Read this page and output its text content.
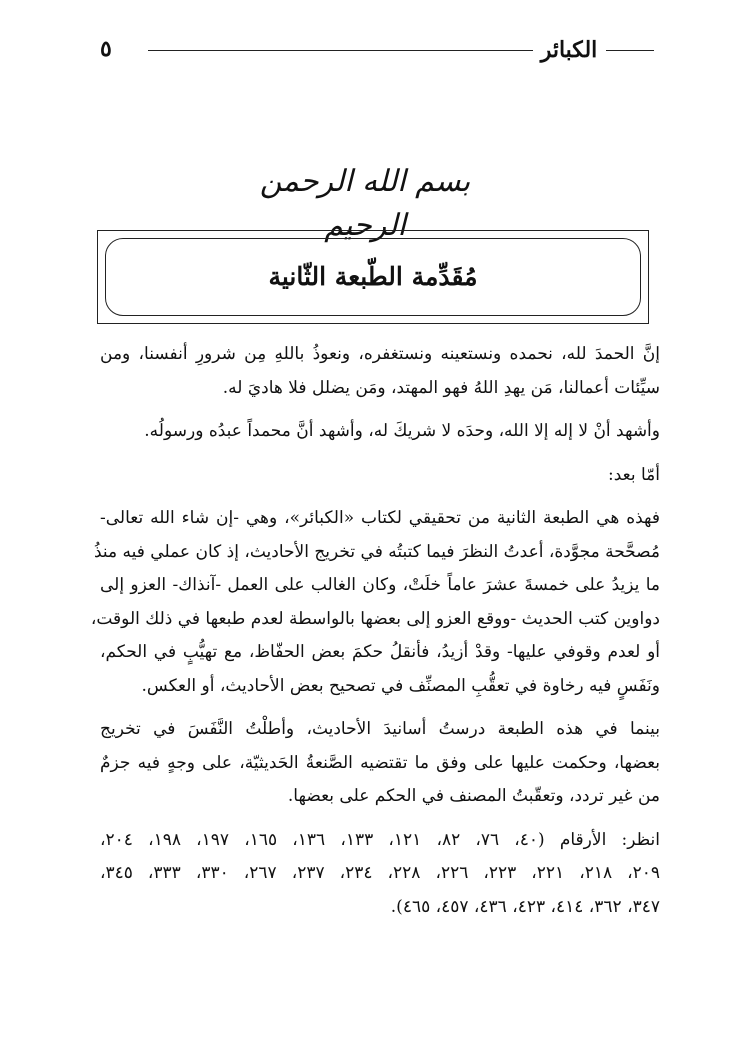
٥	الكبائر
بسم الله الرحمن الرحيم
مُقَدِّمة الطّبعة الثّانية
إنَّ الحمدَ لله، نحمده ونستعينه ونستغفره، ونعوذُ باللهِ مِن شرورِ أنفسنا، ومن
سيِّئات أعمالنا، مَن يهدِ اللهُ فهو المهتد، ومَن يضلل فلا هاديَ له.
وأشهد أنْ لا إله إلا الله، وحدَه لا شريكَ له، وأشهد أنَّ محمداً عبدُه ورسولُه.
أمّا بعد:
فهذه هي الطبعة الثانية من تحقيقي لكتاب «الكبائر»، وهي -إن شاء الله تعالى-
مُصحَّحة مجوَّدة، أعدتُ النظرَ فيما كتبتُه في تخريج الأحاديث، إذ كان عملي فيه منذُ
ما يزيدُ على خمسةَ عشرَ عاماً خلَتْ، وكان الغالب على العمل -آنذاك- العزو إلى
دواوين كتب الحديث -ووقع العزو إلى بعضها بالواسطة لعدم طبعها في ذلك الوقت،
أو لعدم وقوفي عليها- وقدْ أزيدُ، فأنقلُ حكمَ بعض الحفّاظ، مع تهيُّبٍ في الحكم،
ونَفَسٍ فيه رخاوة في تعقُّبِ المصنِّف في تصحيح بعض الأحاديث، أو العكس.
بينما في هذه الطبعة درستُ أسانيدَ الأحاديث، وأطلْتُ النَّفَسَ في تخريج
بعضها، وحكمت عليها على وفق ما تقتضيه الصَّنعةُ الحَديثيّة، على وجهٍ فيه جزمٌ
من غير تردد، وتعقّبتُ المصنف في الحكم على بعضها.
انظر: الأرقام (٤٠، ٧٦، ٨٢، ١٢١، ١٣٣، ١٣٦، ١٦٥، ١٩٧، ١٩٨، ٢٠٤،
٢٠٩، ٢١٨، ٢٢١، ٢٢٣، ٢٢٦، ٢٢٨، ٢٣٤، ٢٣٧، ٢٦٧، ٣٣٠، ٣٣٣، ٣٤٥،
٣٤٧، ٣٦٢، ٤١٤، ٤٢٣، ٤٣٦، ٤٥٧، ٤٦٥).
